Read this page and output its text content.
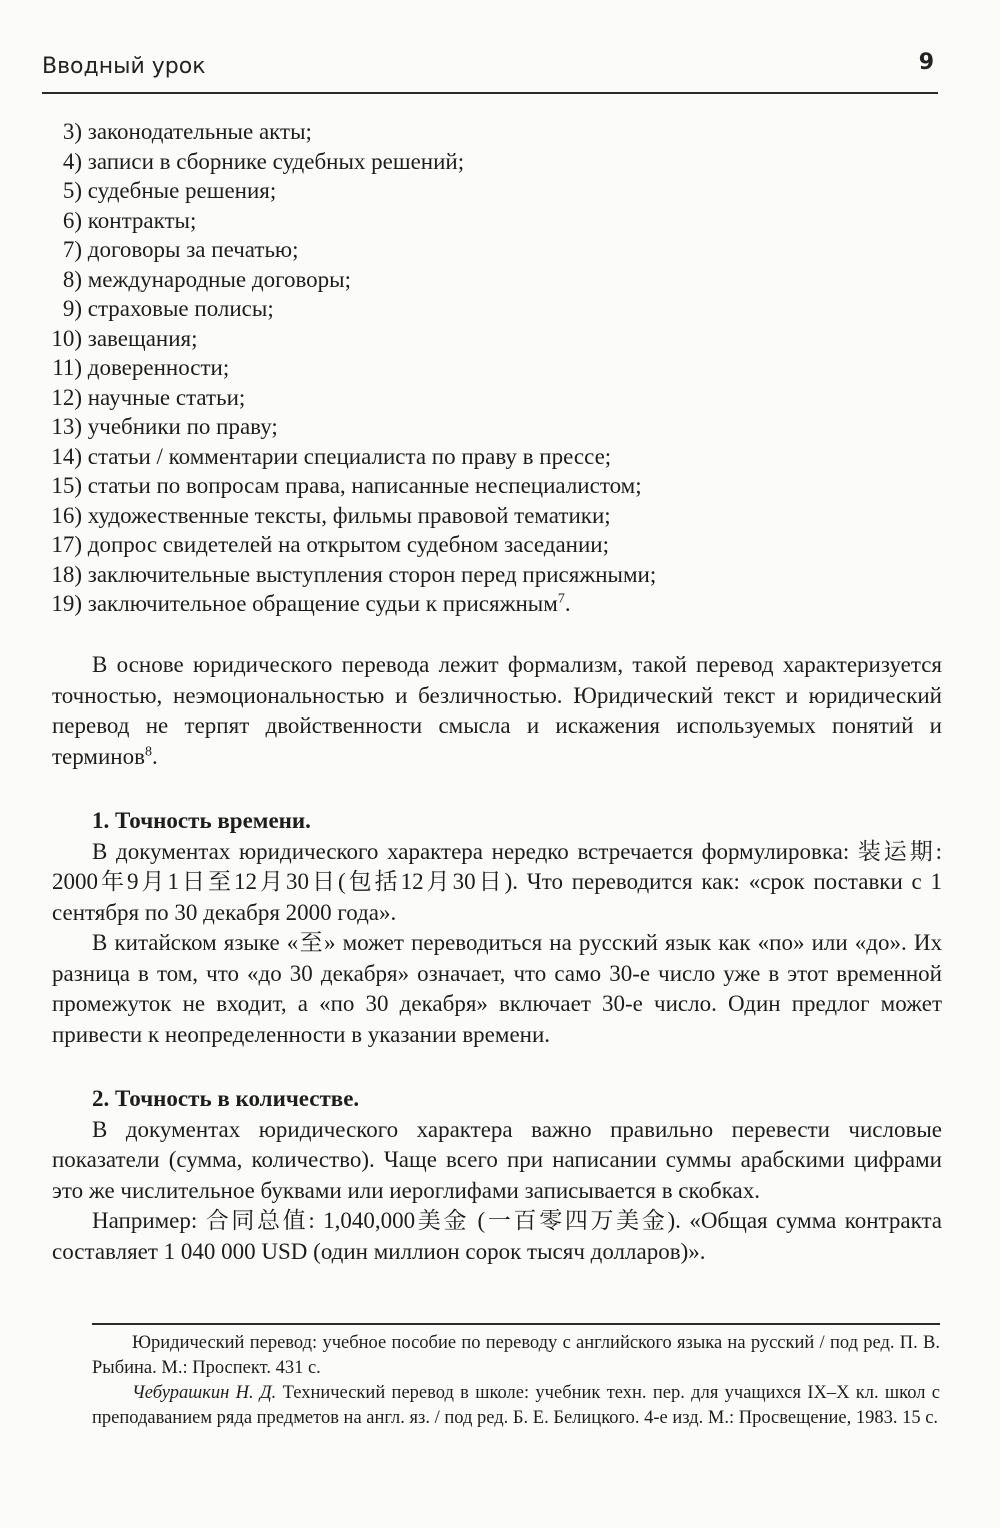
Вводный урок	9
3) законодательные акты;
4) записи в сборнике судебных решений;
5) судебные решения;
6) контракты;
7) договоры за печатью;
8) международные договоры;
9) страховые полисы;
10) завещания;
11) доверенности;
12) научные статьи;
13) учебники по праву;
14) статьи / комментарии специалиста по праву в прессе;
15) статьи по вопросам права, написанные неспециалистом;
16) художественные тексты, фильмы правовой тематики;
17) допрос свидетелей на открытом судебном заседании;
18) заключительные выступления сторон перед присяжными;
19) заключительное обращение судьи к присяжным$^7$.

В основе юридического перевода лежит формализм, такой перевод характеризуется точностью, неэмоциональностью и безличностью. Юридический текст и юридический перевод не терпят двойственности смысла и искажения используемых понятий и терминов$^8$.

1. Точность времени.

В документах юридического характера нередко встречается формулировка: 装运期: 2000年9月1日至12月30日(包括12月30日). Что переводится как: «срок поставки с 1 сентября по 30 декабря 2000 года».

В китайском языке «至» может переводиться на русский язык как «по» или «до». Их разница в том, что «до 30 декабря» означает, что само 30-е число уже в этот временной промежуток не входит, а «по 30 декабря» включает 30-е число. Один предлог может привести к неопределенности в указании времени.

2. Точность в количестве.

В документах юридического характера важно правильно перевести числовые показатели (сумма, количество). Чаще всего при написании суммы арабскими цифрами это же числительное буквами или иероглифами записывается в скобках.

Например: 合同总值: 1,040,000美金 (一百零四万美金). «Общая сумма контракта составляет 1 040 000 USD (один миллион сорок тысяч долларов)».

Юридический перевод: учебное пособие по переводу с английского языка на русский / под ред. П. В. Рыбина. М.: Проспект. 431 с.

Чебурашкин Н. Д. Технический перевод в школе: учебник техн. пер. для учащихся IX–X кл. школ с преподаванием ряда предметов на англ. яз. / под ред. Б. Е. Белицкого. 4-е изд. М.: Просвещение, 1983. 15 с.
